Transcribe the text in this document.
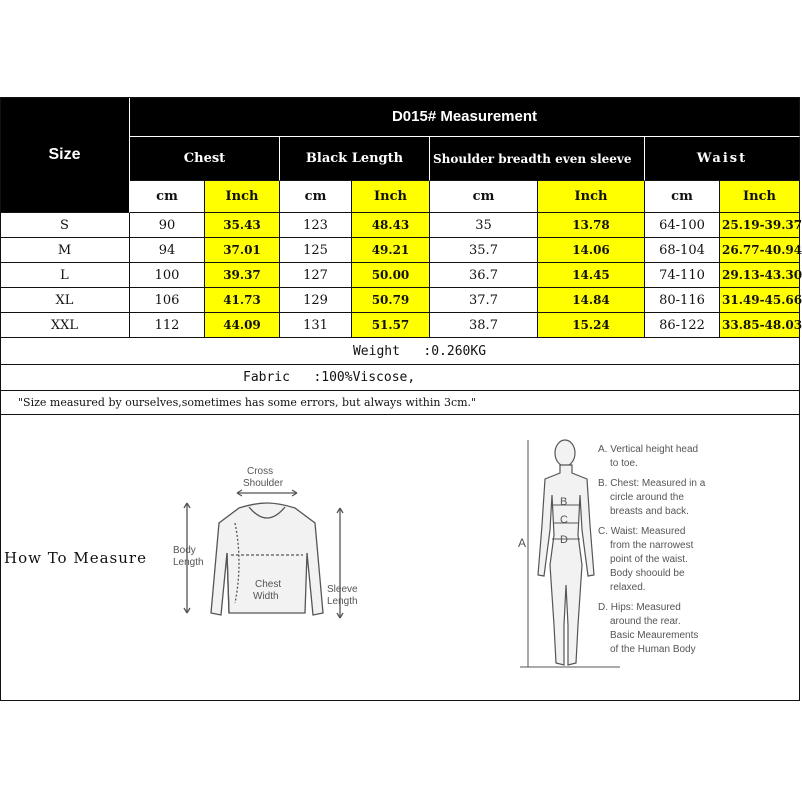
Size
D015# Measurement
Chest	Black Length	Shoulder breadth even sleeve	Waist
cm	Inch	cm	Inch	cm	Inch	cm	Inch
S	90	35.43	123	48.43	35	13.78	64-100	25.19-39.37
M	94	37.01	125	49.21	35.7	14.06	68-104	26.77-40.94
L	100	39.37	127	50.00	36.7	14.45	74-110	29.13-43.30
XL	106	41.73	129	50.79	37.7	14.84	80-116	31.49-45.66
XXL	112	44.09	131	51.57	38.7	15.24	86-122	33.85-48.03
Weight   :0.260KG
Fabric   :100%Viscose,
"Size measured by ourselves,sometimes has some errors, but always within 3cm."
How To Measure
Cross
Shoulder
Body
Length
Chest
Width
Sleeve
Length
A
B
C
D
A. Vertical height head
to toe.
B. Chest: Measured in a
circle around the
breasts and back.
C. Waist: Measured
from the narrowest
point of the waist.
Body shoould be
relaxed.
D. Hips: Measured
around the rear.
Basic Meaurements
of the Human Body
